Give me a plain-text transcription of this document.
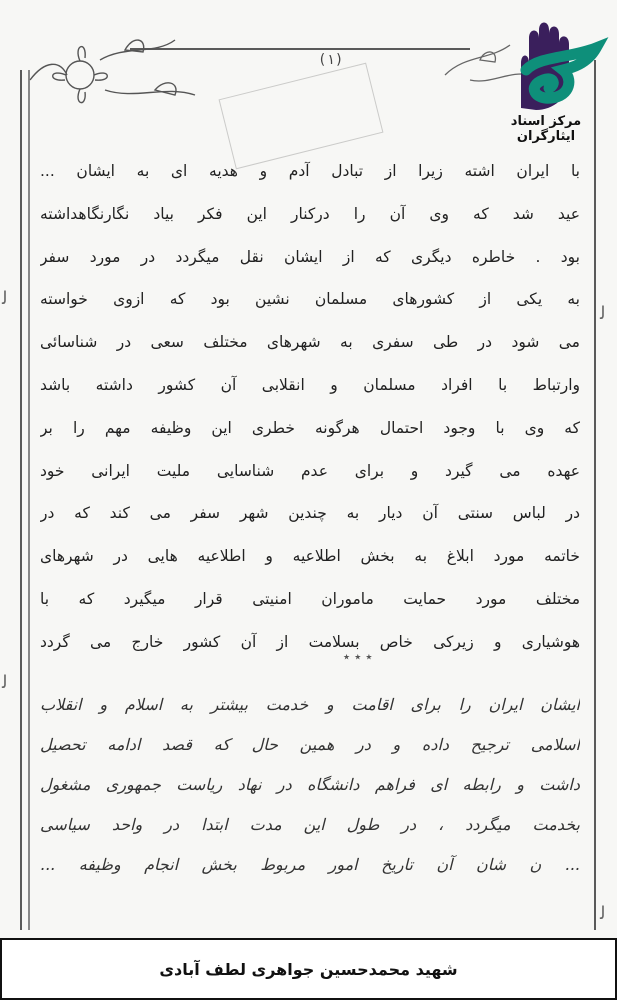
(١)
با ایران اشته زیرا از تبادل آدم و هدیه ای به ایشان ...
عید شد که وی آن را درکنار این فکر بیاد نگارنگاهداشته
بود . خاطره دیگری که از ایشان نقل میگردد در مورد سفر
به یکی از کشورهای مسلمان نشین بود که ازوی خواسته
می شود در طی سفری به شهرهای مختلف سعی در شناسائی
وارتباط با افراد مسلمان و انقلابی آن کشور داشته باشد
که وی با وجود احتمال هرگونه خطری این وظیفه مهم را بر
عهده می گیرد و برای عدم شناسایی ملیت ایرانی خود
در لباس سنتی آن دیار به چندین شهر سفر می کند که در
خاتمه مورد ابلاغ به بخش اطلاعیه و اطلاعیه هایی در شهرهای
مختلف مورد حمایت ماموران امنیتی قرار میگیرد که با
هوشیاری و زیرکی خاص بسلامت از آن کشور خارج می گردد
٭ ٭ ٭
ایشان ایران را برای اقامت و خدمت بیشتر به اسلام و انقلاب
اسلامی ترجیح داده و در همین حال که قصد ادامه تحصیل
داشت و رابطه ای فراهم دانشگاه در نهاد ریاست جمهوری مشغول
بخدمت میگردد ، در طول این مدت ابتدا در واحد سیاسی
... ن شان آن تاریخ امور مربوط بخش انجام وظیفه ...
ﻟ
ﻟ
ﻟ
ﻟ
مرکز اسناد ایثارگران
شهید محمدحسین جواهری لطف آبادی
